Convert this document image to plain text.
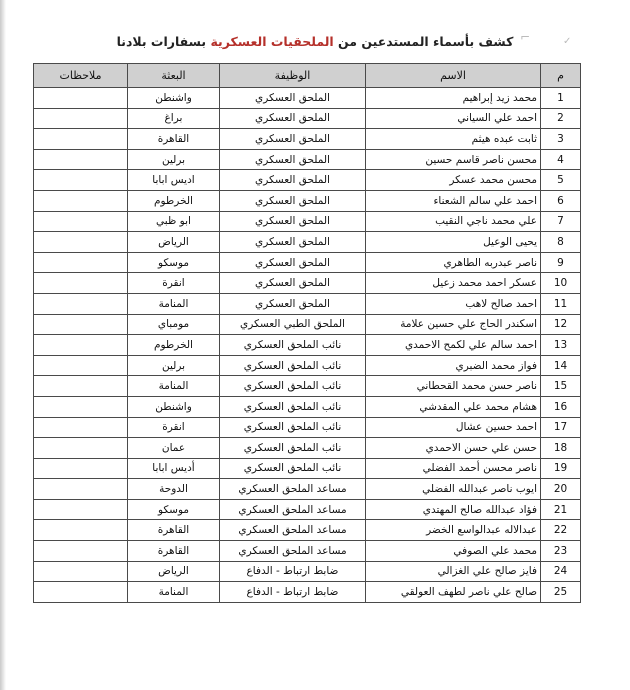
⌐	✓
كشف بأسماء المستدعين من الملحقيات العسكرية بسفارات بلادنا
م	الاسم	الوظيفة	البعثة	ملاحظات
1	محمد زيد إبراهيم	الملحق العسكري	واشنطن	
2	احمد علي السياني	الملحق العسكري	براغ	
3	ثابت عبده هيثم	الملحق العسكري	القاهرة	
4	محسن ناصر قاسم حسين	الملحق العسكري	برلين	
5	محسن محمد عسكر	الملحق العسكري	اديس ابابا	
6	احمد علي سالم الشعناء	الملحق العسكري	الخرطوم	
7	علي محمد ناجي النقيب	الملحق العسكري	ابو ظبي	
8	يحيى الوعيل	الملحق العسكري	الرياض	
9	ناصر عبدربه الطاهري	الملحق العسكري	موسكو	
10	عسكر احمد محمد زعيل	الملحق العسكري	انقرة	
11	احمد صالح لاهب	الملحق العسكري	المنامة	
12	اسكندر الحاج علي حسين علامة	الملحق الطبي العسكري	مومباي	
13	احمد سالم علي لكمح الاحمدي	نائب الملحق العسكري	الخرطوم	
14	فواز محمد الضبري	نائب الملحق العسكري	برلين	
15	ناصر حسن محمد القحطاني	نائب الملحق العسكري	المنامة	
16	هشام محمد علي المقدشي	نائب الملحق العسكري	واشنطن	
17	احمد حسين عشال	نائب الملحق العسكري	انقرة	
18	حسن علي حسن الاحمدي	نائب الملحق العسكري	عمان	
19	ناصر محسن أحمد الفضلي	نائب الملحق العسكري	أديس ابابا	
20	ايوب ناصر عبدالله الفضلي	مساعد الملحق العسكري	الدوحة	
21	فؤاد عبدالله صالح المهتدي	مساعد الملحق العسكري	موسكو	
22	عبدالاله عبدالواسع الخضر	مساعد الملحق العسكري	القاهرة	
23	محمد علي الصوفي	مساعد الملحق العسكري	القاهرة	
24	فايز صالح علي الغزالي	ضابط ارتباط - الدفاع	الرياض	
25	صالح علي ناصر لطهف العولقي	ضابط ارتباط - الدفاع	المنامة	
